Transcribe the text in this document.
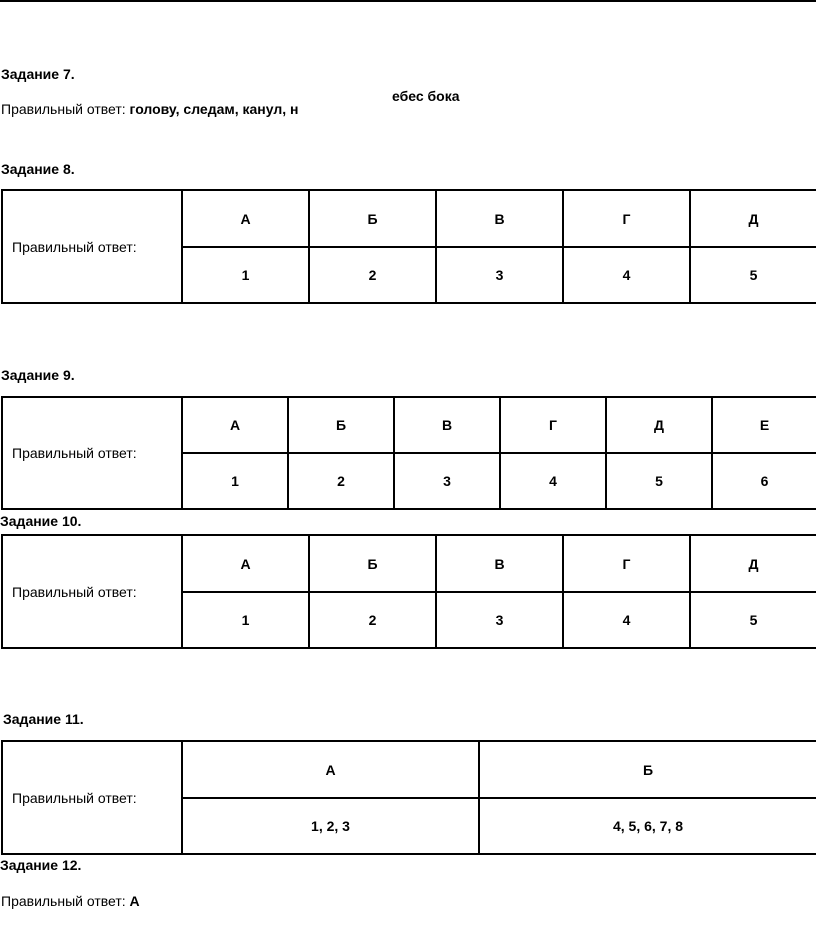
Задание 7.
Правильный ответ: голову, следам, канул, н
ебес бока
Задание 8.
Правильный ответ:	А	Б	В	Г	Д
	1	2	3	4	5
Задание 9.
Правильный ответ:	А	Б	В	Г	Д	Е
	1	2	3	4	5	6
Задание 10.
Правильный ответ:	А	Б	В	Г	Д
	1	2	3	4	5
Задание 11.
Правильный ответ:	А	Б
	1, 2, 3	4, 5, 6, 7, 8
Задание 12.
Правильный ответ: А
